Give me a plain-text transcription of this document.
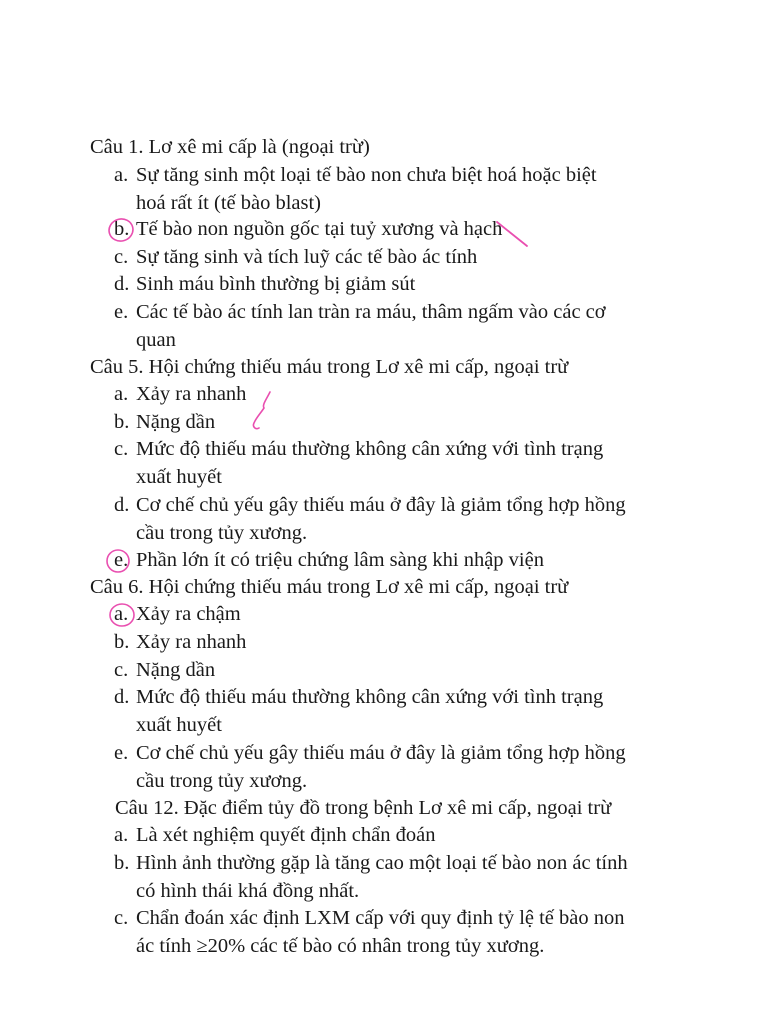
Câu 1. Lơ xê mi cấp là (ngoại trừ)

a. Sự tăng sinh một loại tế bào non chưa biệt hoá hoặc biệt
hoá rất ít (tế bào blast)
b. Tế bào non nguồn gốc tại tuỷ xương và hạch
c. Sự tăng sinh và tích luỹ các tế bào ác tính
d. Sinh máu bình thường bị giảm sút
e. Các tế bào ác tính lan tràn ra máu, thâm ngấm vào các cơ
quan

Câu 5. Hội chứng thiếu máu trong Lơ xê mi cấp, ngoại trừ

a. Xảy ra nhanh
b. Nặng dần
c. Mức độ thiếu máu thường không cân xứng với tình trạng
xuất huyết
d. Cơ chế chủ yếu gây thiếu máu ở đây là giảm tổng hợp hồng
cầu trong tủy xương.
e. Phần lớn ít có triệu chứng lâm sàng khi nhập viện

Câu 6. Hội chứng thiếu máu trong Lơ xê mi cấp, ngoại trừ

a. Xảy ra chậm
b. Xảy ra nhanh
c. Nặng dần
d. Mức độ thiếu máu thường không cân xứng với tình trạng
xuất huyết
e. Cơ chế chủ yếu gây thiếu máu ở đây là giảm tổng hợp hồng
cầu trong tủy xương.

Câu 12. Đặc điểm tủy đồ trong bệnh Lơ xê mi cấp, ngoại trừ

a. Là xét nghiệm quyết định chẩn đoán
b. Hình ảnh thường gặp là tăng cao một loại tế bào non ác tính
có hình thái khá đồng nhất.
c. Chẩn đoán xác định LXM cấp với quy định tỷ lệ tế bào non
ác tính ≥20% các tế bào có nhân trong tủy xương.
